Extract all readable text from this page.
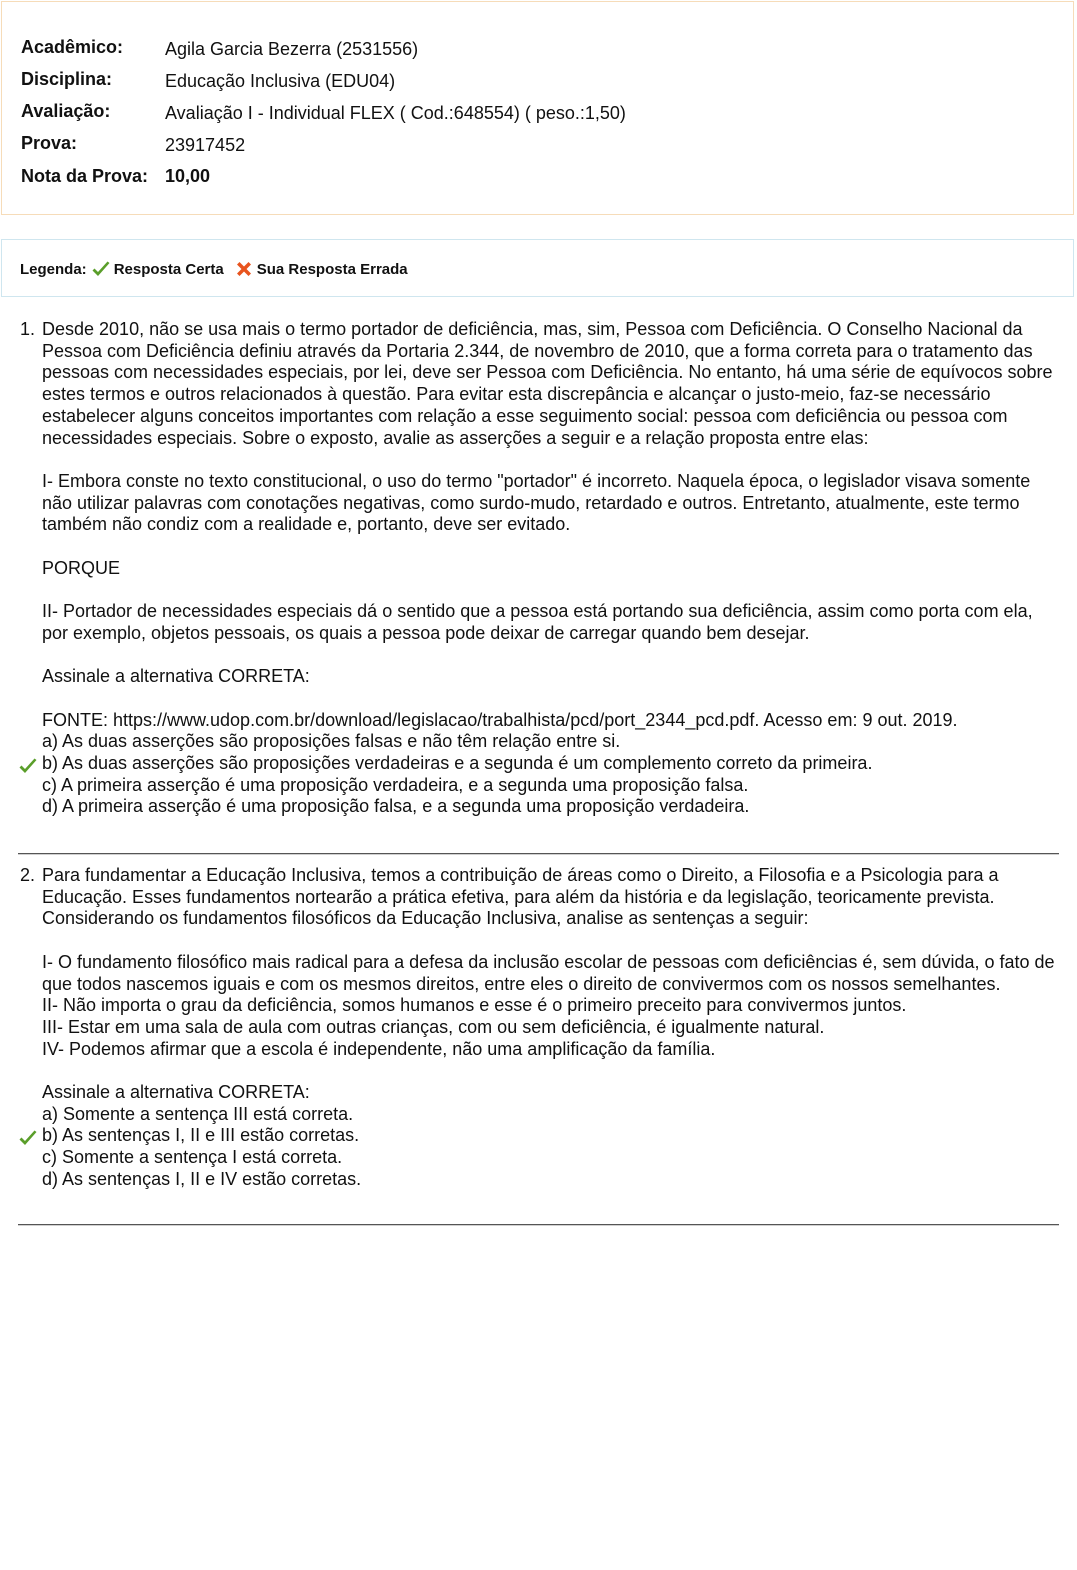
Acadêmico: Agila Garcia Bezerra (2531556)
Disciplina:	Educação Inclusiva (EDU04)
Avaliação:	Avaliação I - Individual FLEX ( Cod.:648554) ( peso.:1,50)
Prova:	23917452
Nota da Prova: 10,00
Legenda: Resposta Certa Sua Resposta Errada
1. Desde 2010, não se usa mais o termo portador de deficiência, mas, sim, Pessoa com Deficiência. O Conselho Nacional da Pessoa com Deficiência definiu através da Portaria 2.344, de novembro de 2010, que a forma correta para o tratamento das pessoas com necessidades especiais, por lei, deve ser Pessoa com Deficiência. No entanto, há uma série de equívocos sobre estes termos e outros relacionados à questão. Para evitar esta discrepância e alcançar o justo-meio, faz-se necessário estabelecer alguns conceitos importantes com relação a esse seguimento social: pessoa com deficiência ou pessoa com necessidades especiais. Sobre o exposto, avalie as asserções a seguir e a relação proposta entre elas:

I- Embora conste no texto constitucional, o uso do termo "portador" é incorreto. Naquela época, o legislador visava somente não utilizar palavras com conotações negativas, como surdo-mudo, retardado e outros. Entretanto, atualmente, este termo também não condiz com a realidade e, portanto, deve ser evitado.

PORQUE

II- Portador de necessidades especiais dá o sentido que a pessoa está portando sua deficiência, assim como porta com ela, por exemplo, objetos pessoais, os quais a pessoa pode deixar de carregar quando bem desejar.

Assinale a alternativa CORRETA:

FONTE: https://www.udop.com.br/download/legislacao/trabalhista/pcd/port_2344_pcd.pdf. Acesso em: 9 out. 2019.

a) As duas asserções são proposições falsas e não têm relação entre si.
b) As duas asserções são proposições verdadeiras e a segunda é um complemento correto da primeira.
c) A primeira asserção é uma proposição verdadeira, e a segunda uma proposição falsa.
d) A primeira asserção é uma proposição falsa, e a segunda uma proposição verdadeira.
2. Para fundamentar a Educação Inclusiva, temos a contribuição de áreas como o Direito, a Filosofia e a Psicologia para a Educação. Esses fundamentos nortearão a prática efetiva, para além da história e da legislação, teoricamente prevista. Considerando os fundamentos filosóficos da Educação Inclusiva, analise as sentenças a seguir:

I- O fundamento filosófico mais radical para a defesa da inclusão escolar de pessoas com deficiências é, sem dúvida, o fato de que todos nascemos iguais e com os mesmos direitos, entre eles o direito de convivermos com os nossos semelhantes.

II- Não importa o grau da deficiência, somos humanos e esse é o primeiro preceito para convivermos juntos.

III- Estar em uma sala de aula com outras crianças, com ou sem deficiência, é igualmente natural.

IV- Podemos afirmar que a escola é independente, não uma amplificação da família.

Assinale a alternativa CORRETA:

a) Somente a sentença III está correta.
b) As sentenças I, II e III estão corretas.
c) Somente a sentença I está correta.
d) As sentenças I, II e IV estão corretas.
